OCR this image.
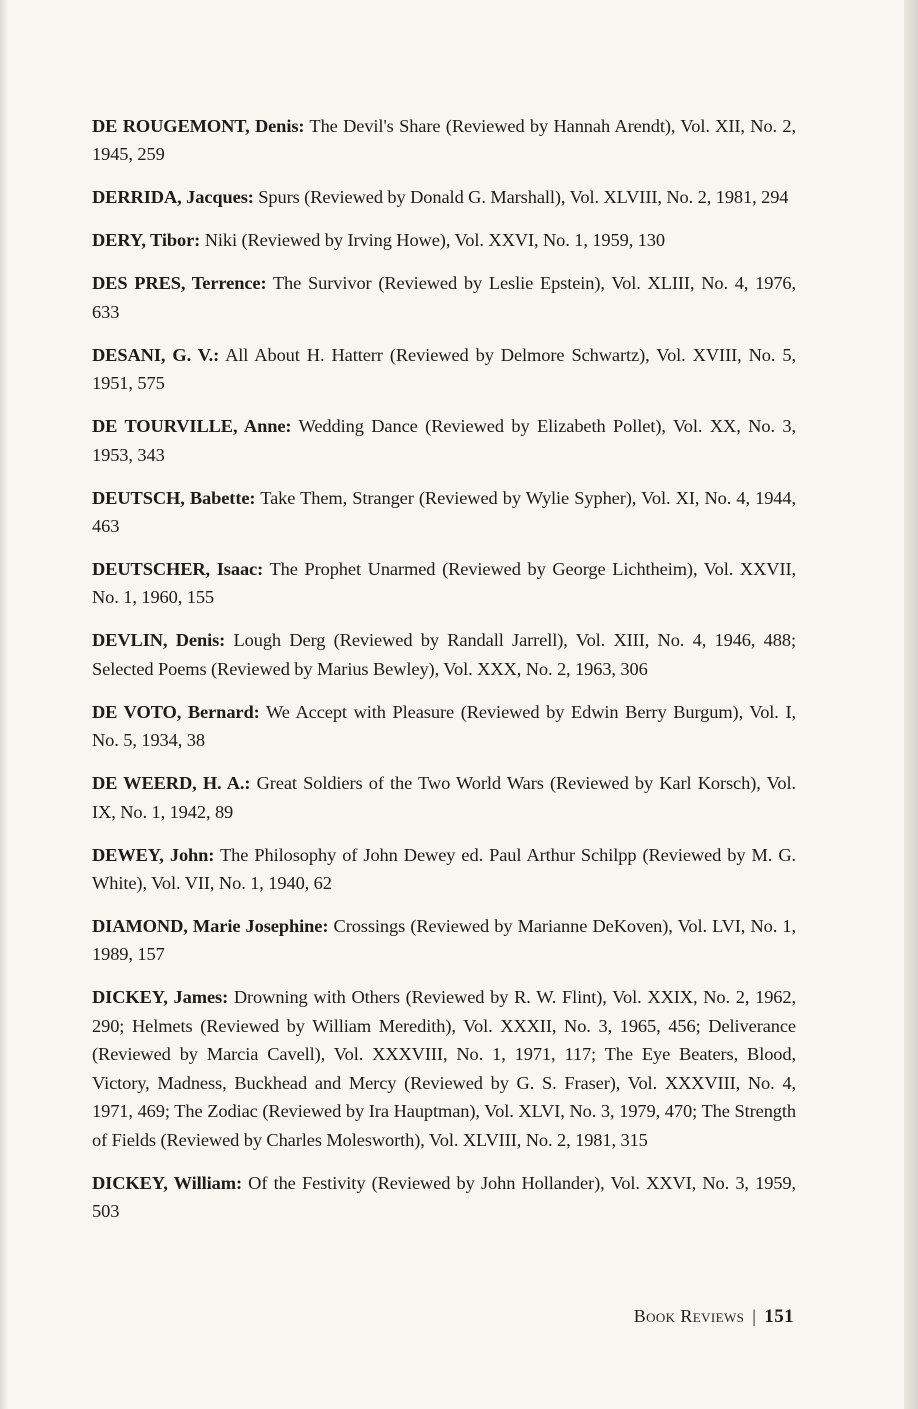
DE ROUGEMONT, Denis: The Devil's Share (Reviewed by Hannah Arendt), Vol. XII, No. 2, 1945, 259

DERRIDA, Jacques: Spurs (Reviewed by Donald G. Marshall), Vol. XLVIII, No. 2, 1981, 294

DERY, Tibor: Niki (Reviewed by Irving Howe), Vol. XXVI, No. 1, 1959, 130

DES PRES, Terrence: The Survivor (Reviewed by Leslie Epstein), Vol. XLIII, No. 4, 1976, 633

DESANI, G. V.: All About H. Hatterr (Reviewed by Delmore Schwartz), Vol. XVIII, No. 5, 1951, 575

DE TOURVILLE, Anne: Wedding Dance (Reviewed by Elizabeth Pollet), Vol. XX, No. 3, 1953, 343

DEUTSCH, Babette: Take Them, Stranger (Reviewed by Wylie Sypher), Vol. XI, No. 4, 1944, 463

DEUTSCHER, Isaac: The Prophet Unarmed (Reviewed by George Lichtheim), Vol. XXVII, No. 1, 1960, 155

DEVLIN, Denis: Lough Derg (Reviewed by Randall Jarrell), Vol. XIII, No. 4, 1946, 488; Selected Poems (Reviewed by Marius Bewley), Vol. XXX, No. 2, 1963, 306

DE VOTO, Bernard: We Accept with Pleasure (Reviewed by Edwin Berry Burgum), Vol. I, No. 5, 1934, 38

DE WEERD, H. A.: Great Soldiers of the Two World Wars (Reviewed by Karl Korsch), Vol. IX, No. 1, 1942, 89

DEWEY, John: The Philosophy of John Dewey ed. Paul Arthur Schilpp (Reviewed by M. G. White), Vol. VII, No. 1, 1940, 62

DIAMOND, Marie Josephine: Crossings (Reviewed by Marianne DeKoven), Vol. LVI, No. 1, 1989, 157

DICKEY, James: Drowning with Others (Reviewed by R. W. Flint), Vol. XXIX, No. 2, 1962, 290; Helmets (Reviewed by William Meredith), Vol. XXXII, No. 3, 1965, 456; Deliverance (Reviewed by Marcia Cavell), Vol. XXXVIII, No. 1, 1971, 117; The Eye Beaters, Blood, Victory, Madness, Buckhead and Mercy (Reviewed by G. S. Fraser), Vol. XXXVIII, No. 4, 1971, 469; The Zodiac (Reviewed by Ira Hauptman), Vol. XLVI, No. 3, 1979, 470; The Strength of Fields (Reviewed by Charles Molesworth), Vol. XLVIII, No. 2, 1981, 315

DICKEY, William: Of the Festivity (Reviewed by John Hollander), Vol. XXVI, No. 3, 1959, 503

Book Reviews | 151
